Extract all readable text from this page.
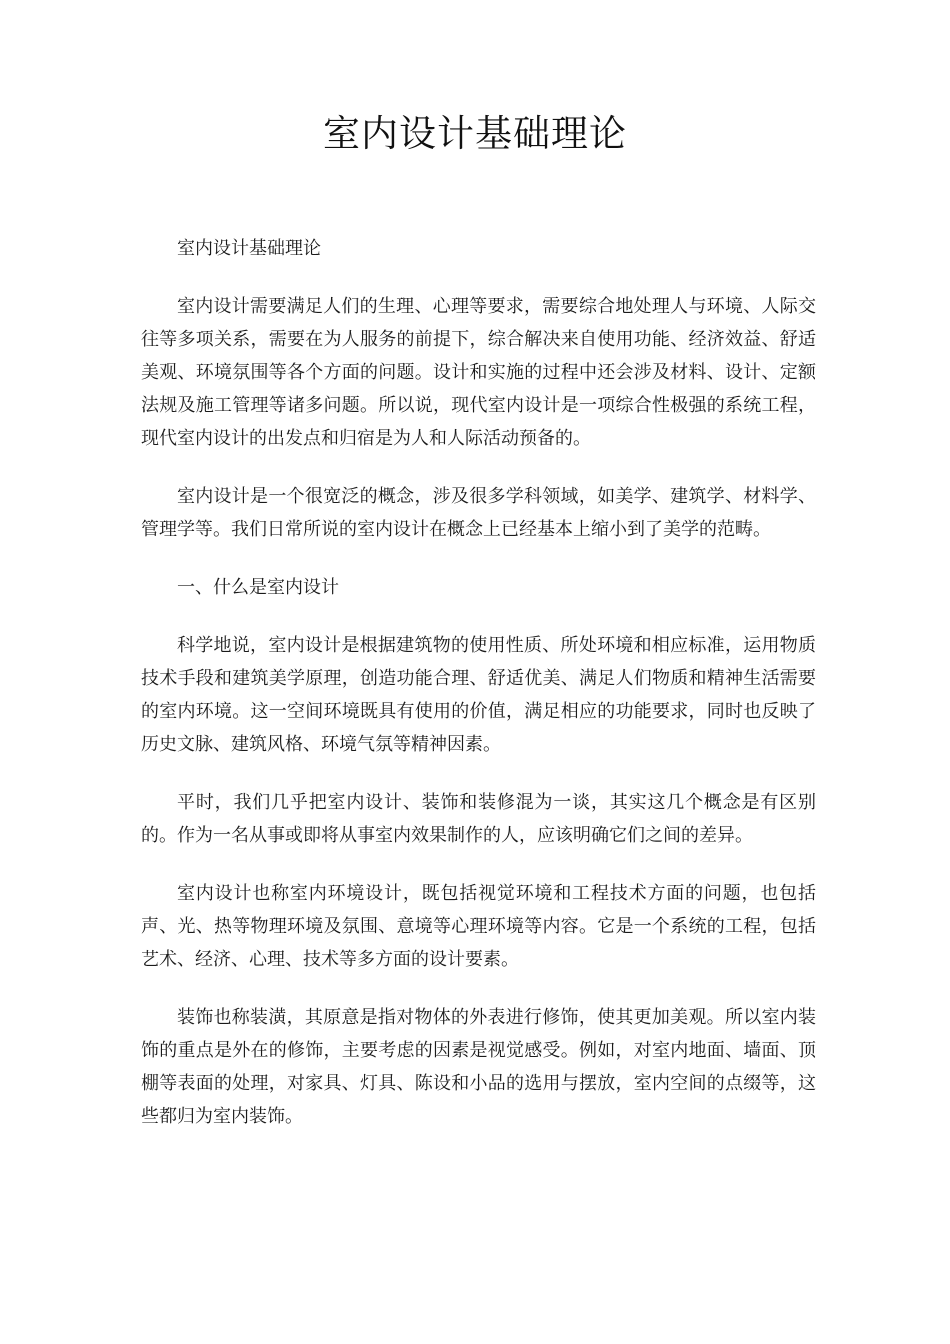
室内设计基础理论

室内设计基础理论

室内设计需要满足人们的生理、心理等要求，需要综合地处理人与环境、人际交往等多项关系，需要在为人服务的前提下，综合解决来自使用功能、经济效益、舒适美观、环境氛围等各个方面的问题。设计和实施的过程中还会涉及材料、设计、定额法规及施工管理等诸多问题。所以说，现代室内设计是一项综合性极强的系统工程，现代室内设计的出发点和归宿是为人和人际活动预备的。

室内设计是一个很宽泛的概念，涉及很多学科领域，如美学、建筑学、材料学、管理学等。我们日常所说的室内设计在概念上已经基本上缩小到了美学的范畴。

一、什么是室内设计

科学地说，室内设计是根据建筑物的使用性质、所处环境和相应标准，运用物质技术手段和建筑美学原理，创造功能合理、舒适优美、满足人们物质和精神生活需要的室内环境。这一空间环境既具有使用的价值，满足相应的功能要求，同时也反映了历史文脉、建筑风格、环境气氛等精神因素。

平时，我们几乎把室内设计、装饰和装修混为一谈，其实这几个概念是有区别的。作为一名从事或即将从事室内效果制作的人，应该明确它们之间的差异。

室内设计也称室内环境设计，既包括视觉环境和工程技术方面的问题，也包括声、光、热等物理环境及氛围、意境等心理环境等内容。它是一个系统的工程，包括艺术、经济、心理、技术等多方面的设计要素。

装饰也称装潢，其原意是指对物体的外表进行修饰，使其更加美观。所以室内装饰的重点是外在的修饰，主要考虑的因素是视觉感受。例如，对室内地面、墙面、顶棚等表面的处理，对家具、灯具、陈设和小品的选用与摆放，室内空间的点缀等，这些都归为室内装饰。
